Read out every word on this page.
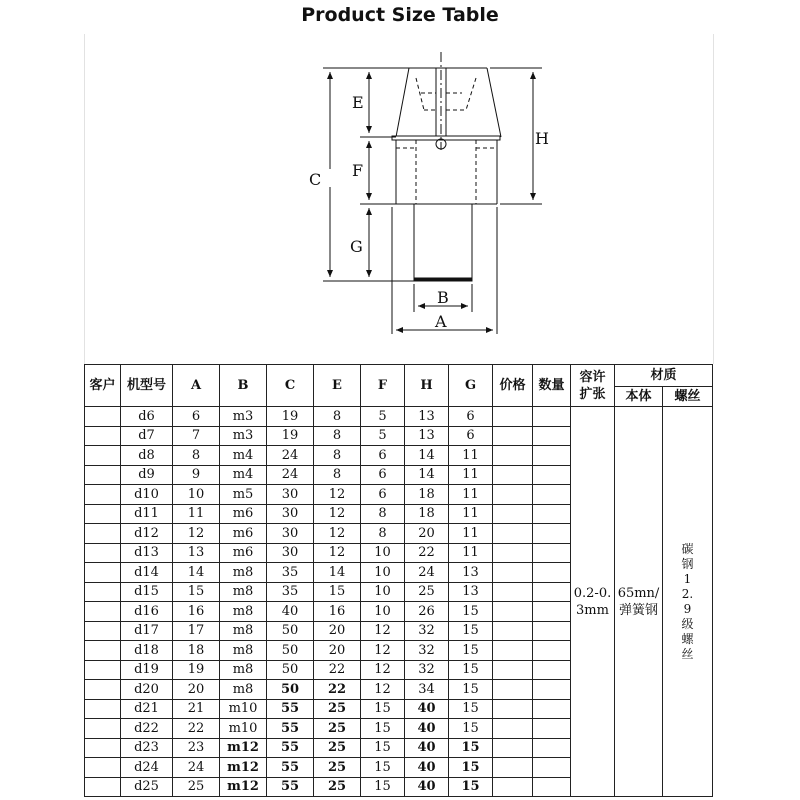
Product Size Table
C
E
F
G
H
B
A
客户	机型号	A	B	C	E	F	H	G	价格	数量	容许扩张	材质	
												本体	螺丝
	d6	6	m3	19	8	5	13	6			0.2-0.3mm	65mn/弹簧钢	碳钢12.9级螺丝

	d7	7	m3	19	8	5	13	6					
	d8	8	m4	24	8	6	14	11					
	d9	9	m4	24	8	6	14	11					
	d10	10	m5	30	12	6	18	11					
	d11	11	m6	30	12	8	18	11					
	d12	12	m6	30	12	8	20	11					
	d13	13	m6	30	12	10	22	11					
	d14	14	m8	35	14	10	24	13					
	d15	15	m8	35	15	10	25	13					
	d16	16	m8	40	16	10	26	15					
	d17	17	m8	50	20	12	32	15					
	d18	18	m8	50	20	12	32	15					
	d19	19	m8	50	22	12	32	15					
	d20	20	m8	50	22	12	34	15					
	d21	21	m10	55	25	15	40	15					
	d22	22	m10	55	25	15	40	15					
	d23	23	m12	55	25	15	40	15					
	d24	24	m12	55	25	15	40	15					
	d25	25	m12	55	25	15	40	15					
